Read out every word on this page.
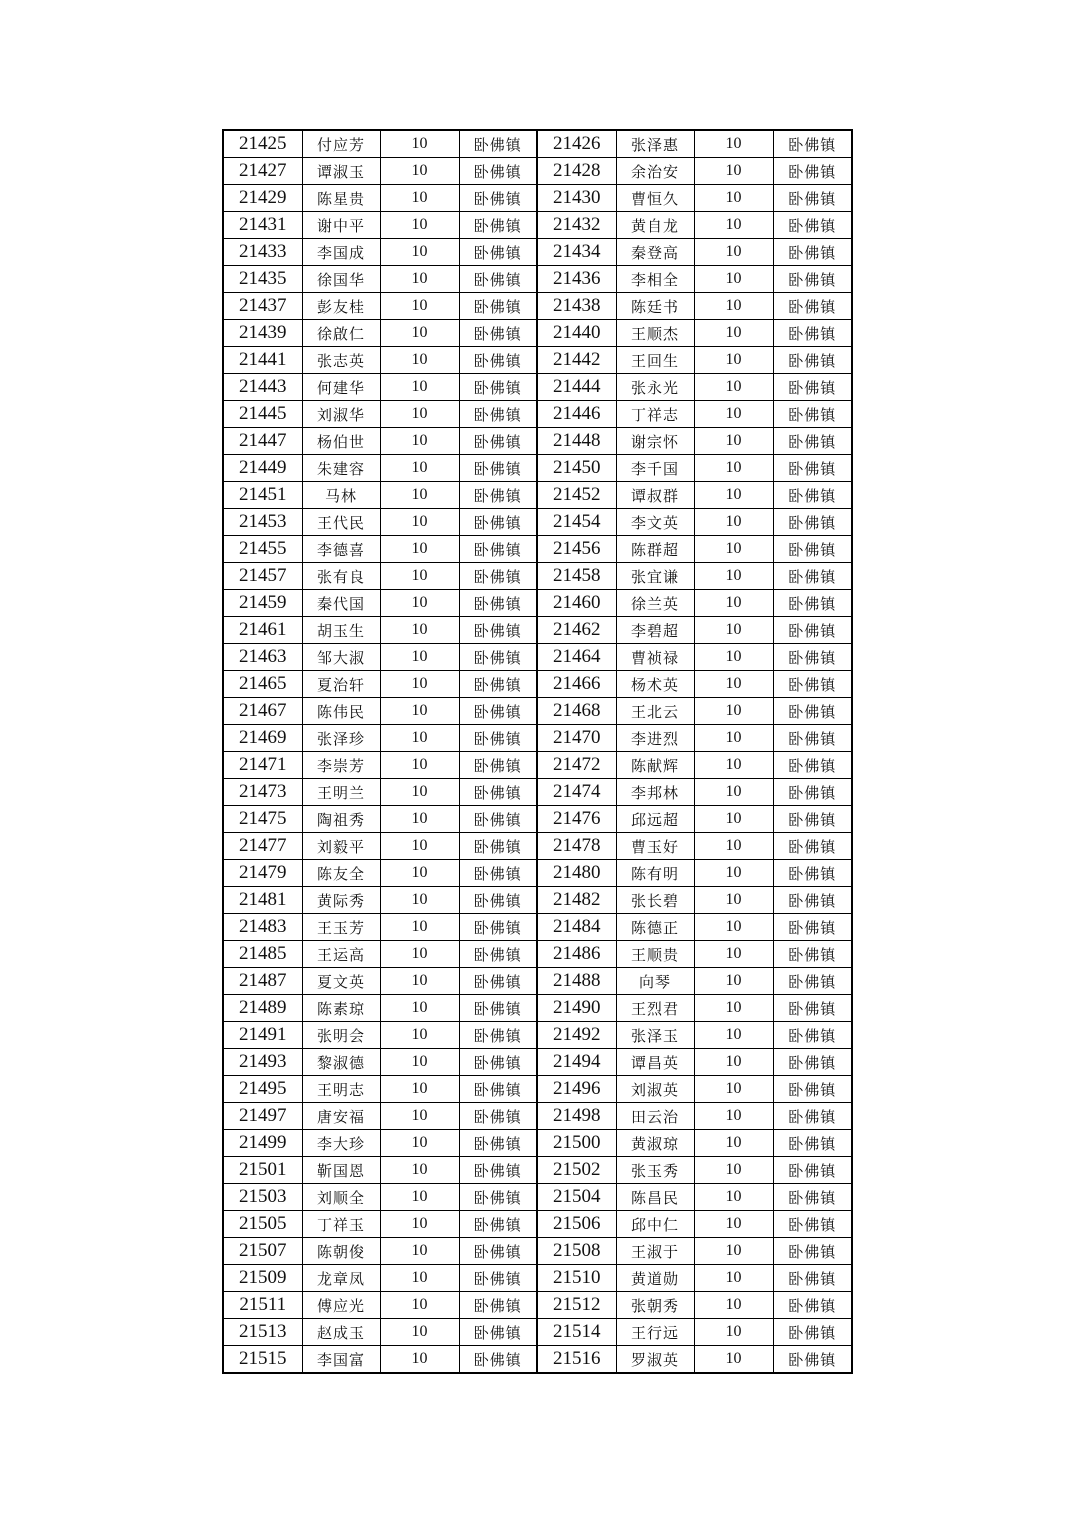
21425	付应芳	10	卧佛镇	21426	张泽惠	10	卧佛镇
21427	谭淑玉	10	卧佛镇	21428	余治安	10	卧佛镇
21429	陈星贵	10	卧佛镇	21430	曹恒久	10	卧佛镇
21431	谢中平	10	卧佛镇	21432	黄自龙	10	卧佛镇
21433	李国成	10	卧佛镇	21434	秦登高	10	卧佛镇
21435	徐国华	10	卧佛镇	21436	李相全	10	卧佛镇
21437	彭友桂	10	卧佛镇	21438	陈廷书	10	卧佛镇
21439	徐啟仁	10	卧佛镇	21440	王顺杰	10	卧佛镇
21441	张志英	10	卧佛镇	21442	王回生	10	卧佛镇
21443	何建华	10	卧佛镇	21444	张永光	10	卧佛镇
21445	刘淑华	10	卧佛镇	21446	丁祥志	10	卧佛镇
21447	杨伯世	10	卧佛镇	21448	谢宗怀	10	卧佛镇
21449	朱建容	10	卧佛镇	21450	李千国	10	卧佛镇
21451	马林	10	卧佛镇	21452	谭叔群	10	卧佛镇
21453	王代民	10	卧佛镇	21454	李文英	10	卧佛镇
21455	李德喜	10	卧佛镇	21456	陈群超	10	卧佛镇
21457	张有良	10	卧佛镇	21458	张宜谦	10	卧佛镇
21459	秦代国	10	卧佛镇	21460	徐兰英	10	卧佛镇
21461	胡玉生	10	卧佛镇	21462	李碧超	10	卧佛镇
21463	邹大淑	10	卧佛镇	21464	曹祯禄	10	卧佛镇
21465	夏治轩	10	卧佛镇	21466	杨术英	10	卧佛镇
21467	陈伟民	10	卧佛镇	21468	王北云	10	卧佛镇
21469	张泽珍	10	卧佛镇	21470	李进烈	10	卧佛镇
21471	李崇芳	10	卧佛镇	21472	陈献辉	10	卧佛镇
21473	王明兰	10	卧佛镇	21474	李邦林	10	卧佛镇
21475	陶祖秀	10	卧佛镇	21476	邱远超	10	卧佛镇
21477	刘毅平	10	卧佛镇	21478	曹玉好	10	卧佛镇
21479	陈友全	10	卧佛镇	21480	陈有明	10	卧佛镇
21481	黄际秀	10	卧佛镇	21482	张长碧	10	卧佛镇
21483	王玉芳	10	卧佛镇	21484	陈德正	10	卧佛镇
21485	王运高	10	卧佛镇	21486	王顺贵	10	卧佛镇
21487	夏文英	10	卧佛镇	21488	向琴	10	卧佛镇
21489	陈素琼	10	卧佛镇	21490	王烈君	10	卧佛镇
21491	张明会	10	卧佛镇	21492	张泽玉	10	卧佛镇
21493	黎淑德	10	卧佛镇	21494	谭昌英	10	卧佛镇
21495	王明志	10	卧佛镇	21496	刘淑英	10	卧佛镇
21497	唐安福	10	卧佛镇	21498	田云治	10	卧佛镇
21499	李大珍	10	卧佛镇	21500	黄淑琼	10	卧佛镇
21501	靳国恩	10	卧佛镇	21502	张玉秀	10	卧佛镇
21503	刘顺全	10	卧佛镇	21504	陈昌民	10	卧佛镇
21505	丁祥玉	10	卧佛镇	21506	邱中仁	10	卧佛镇
21507	陈朝俊	10	卧佛镇	21508	王淑于	10	卧佛镇
21509	龙章凤	10	卧佛镇	21510	黄道勋	10	卧佛镇
21511	傅应光	10	卧佛镇	21512	张朝秀	10	卧佛镇
21513	赵成玉	10	卧佛镇	21514	王行远	10	卧佛镇
21515	李国富	10	卧佛镇	21516	罗淑英	10	卧佛镇
